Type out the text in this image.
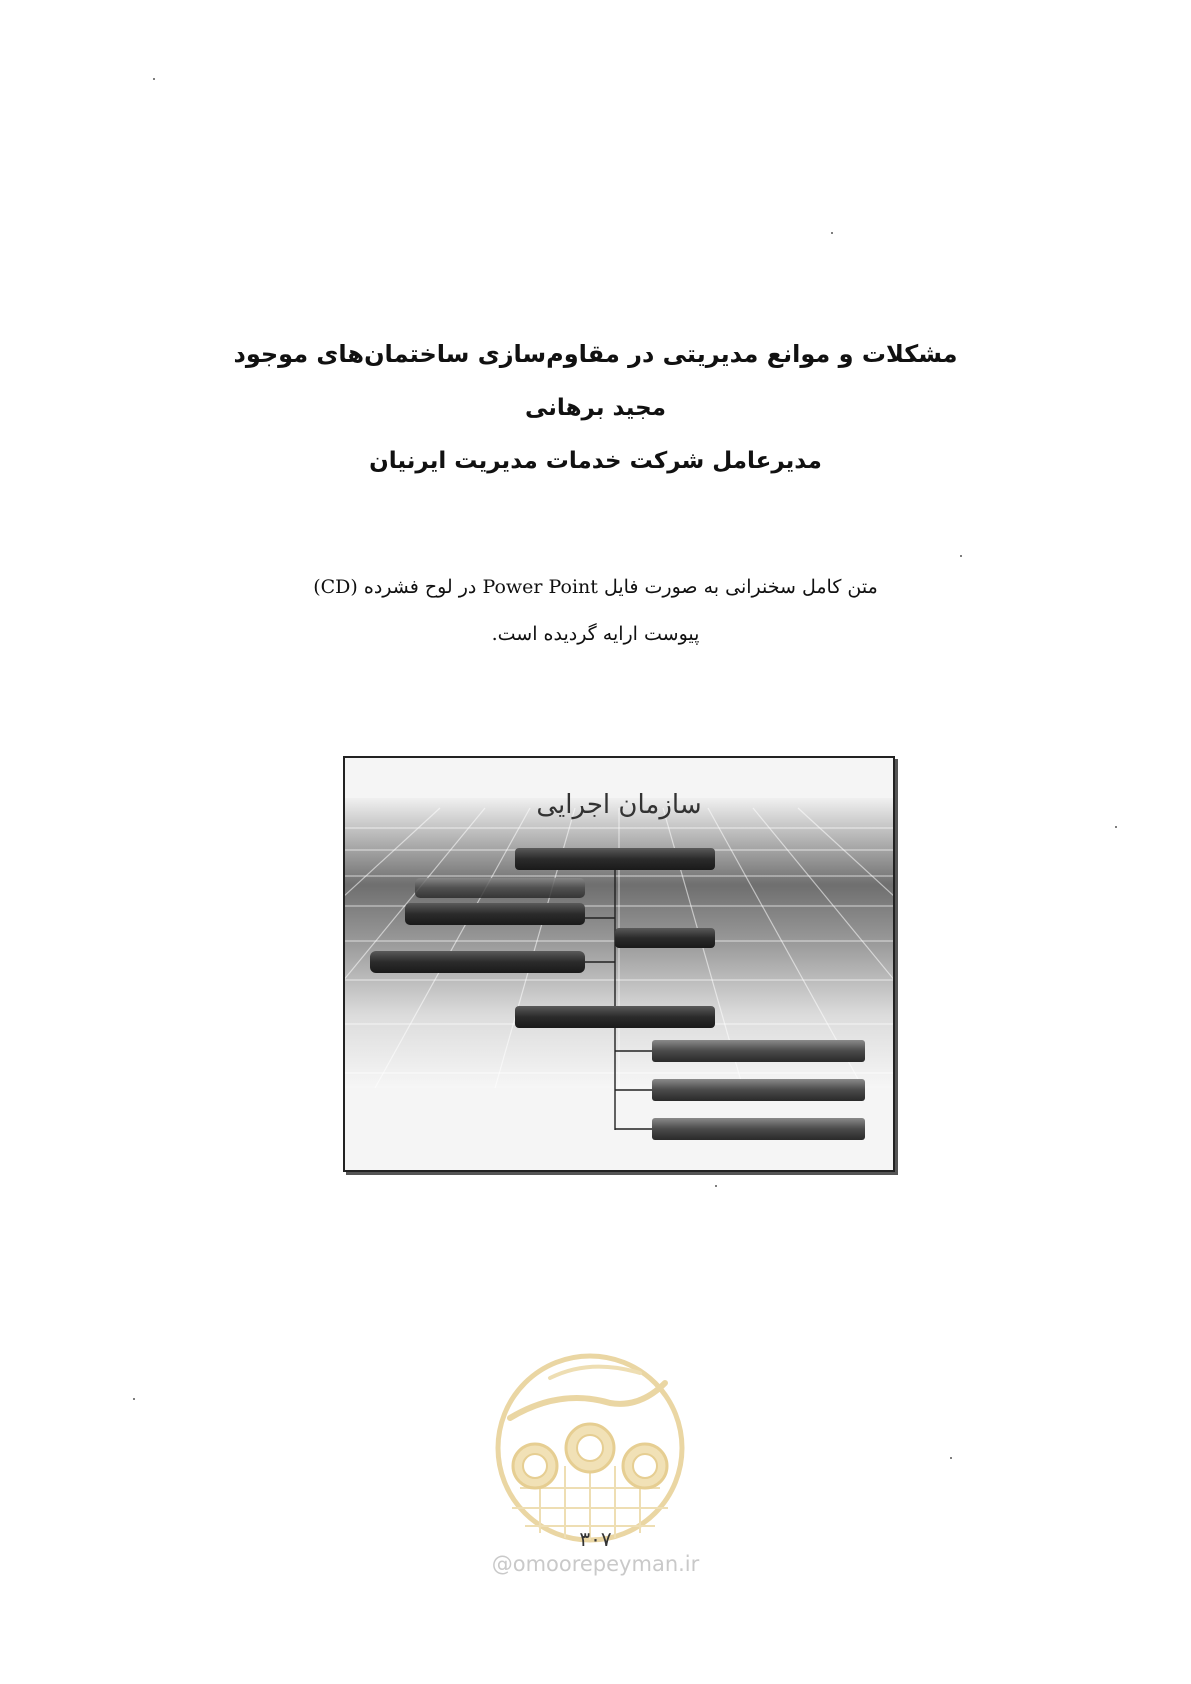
مشکلات و موانع مدیریتی در مقاوم‌سازی ساختمان‌های موجود
مجید برهانی
مدیرعامل شرکت خدمات مدیریت ایرنیان
متن کامل سخنرانی به صورت فایل Power Point در لوح فشرده (CD)
پیوست ارایه گردیده است.
سازمان اجرایی
۳۰۷
@omoorepeyman.ir
